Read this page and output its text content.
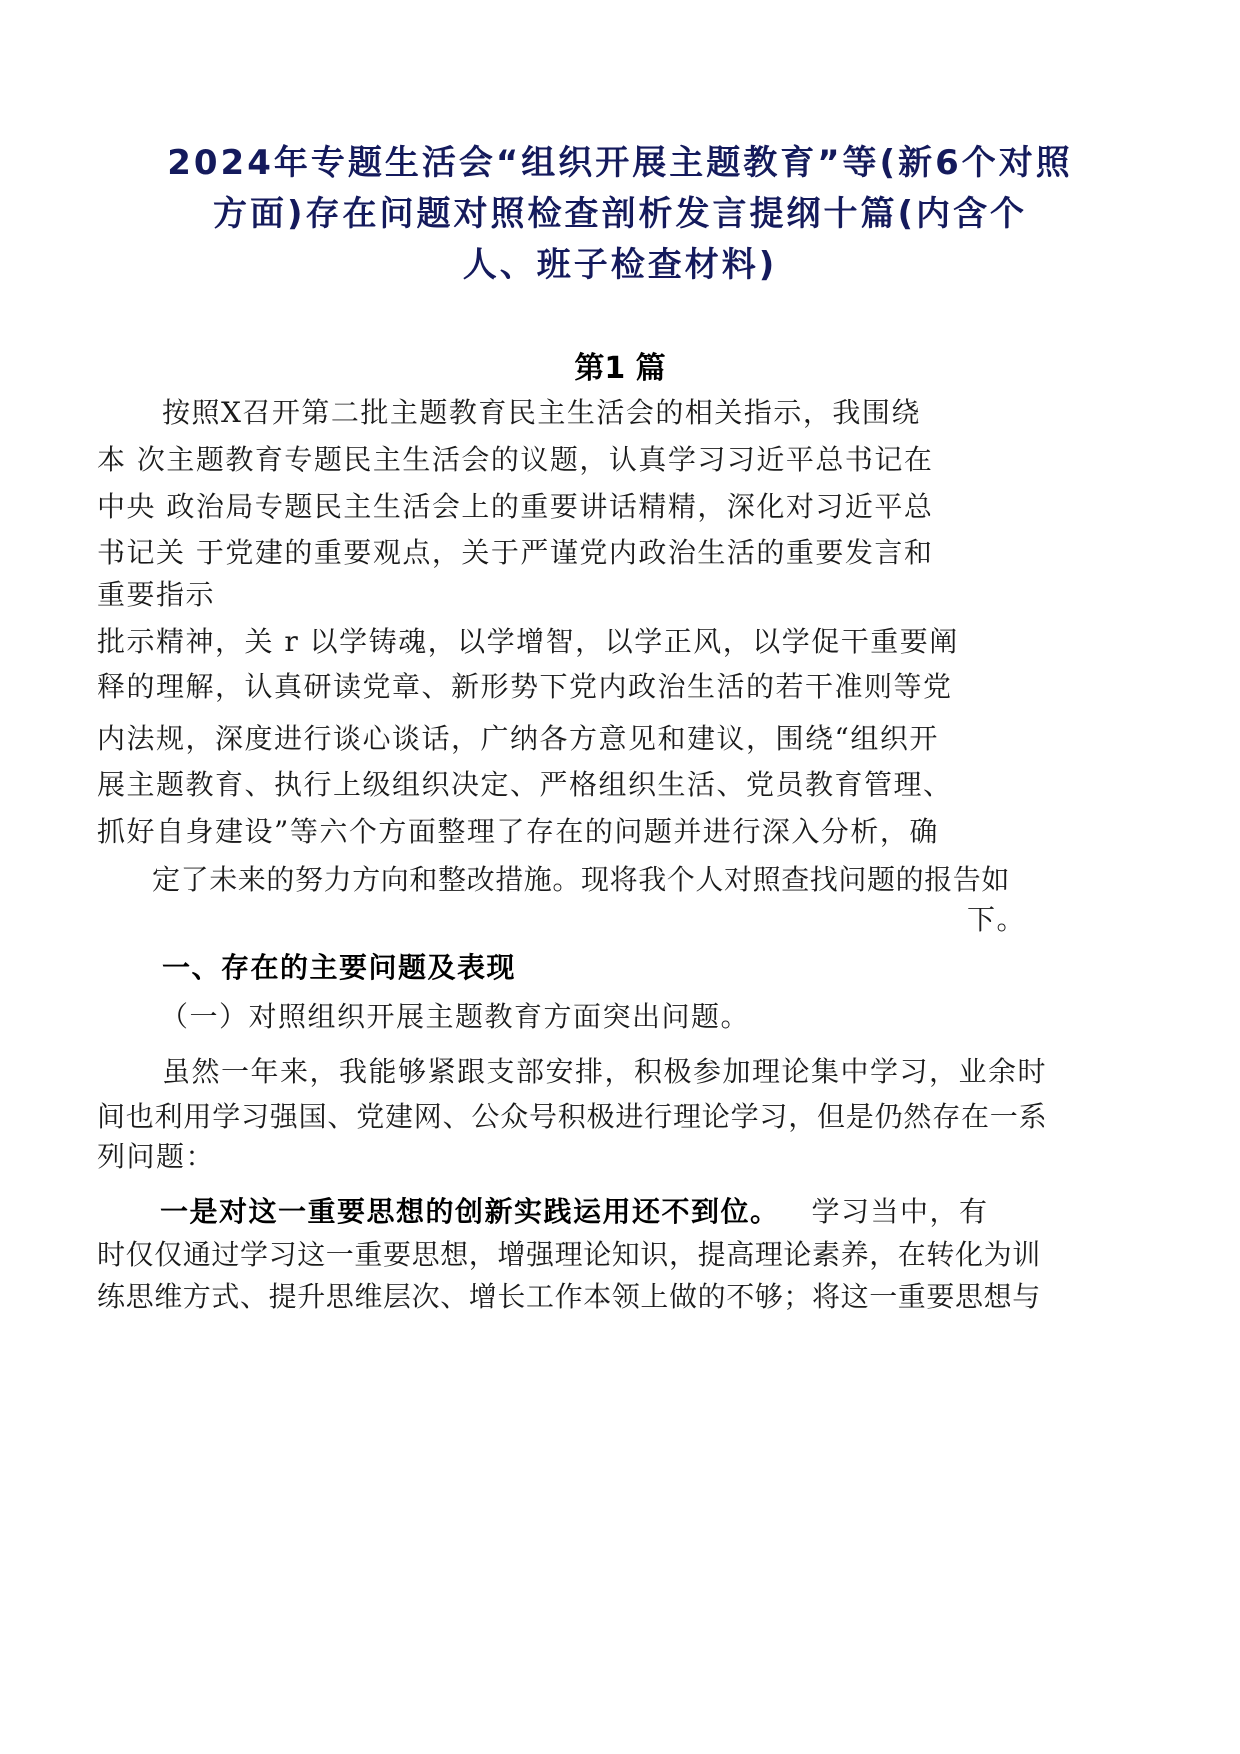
2024年专题生活会“组织开展主题教育”等(新6个对照
方面)存在问题对照检查剖析发言提纲十篇(内含个
人、班子检查材料)
第1 篇
按照X召开第二批主题教育民主生活会的相关指示，我围绕
本 次主题教育专题民主生活会的议题，认真学习习近平总书记在
中央 政治局专题民主生活会上的重要讲话精精，深化对习近平总
书记关 于党建的重要观点，关于严谨党内政治生活的重要发言和
重要指示
批示精神，关 r 以学铸魂，以学增智，以学正风，以学促干重要阐
释的理解，认真研读党章、新形势下党内政治生活的若干准则等党
内法规，深度进行谈心谈话，广纳各方意见和建议，围绕“组织开
展主题教育、执行上级组织决定、严格组织生活、党员教育管理、
抓好自身建设”等六个方面整理了存在的问题并进行深入分析，确
定了未来的努力方向和整改措施。现将我个人对照查找问题的报告如
下。
一、存在的主要问题及表现
（一）对照组织开展主题教育方面突出问题。
虽然一年来，我能够紧跟支部安排，积极参加理论集中学习，业余时
间也利用学习强国、党建网、公众号积极进行理论学习，但是仍然存在一系
列问题：
一是对这一重要思想的创新实践运用还不到位。 学习当中，有
时仅仅通过学习这一重要思想，增强理论知识，提高理论素养，在转化为训
练思维方式、提升思维层次、增长工作本领上做的不够；将这一重要思想与
